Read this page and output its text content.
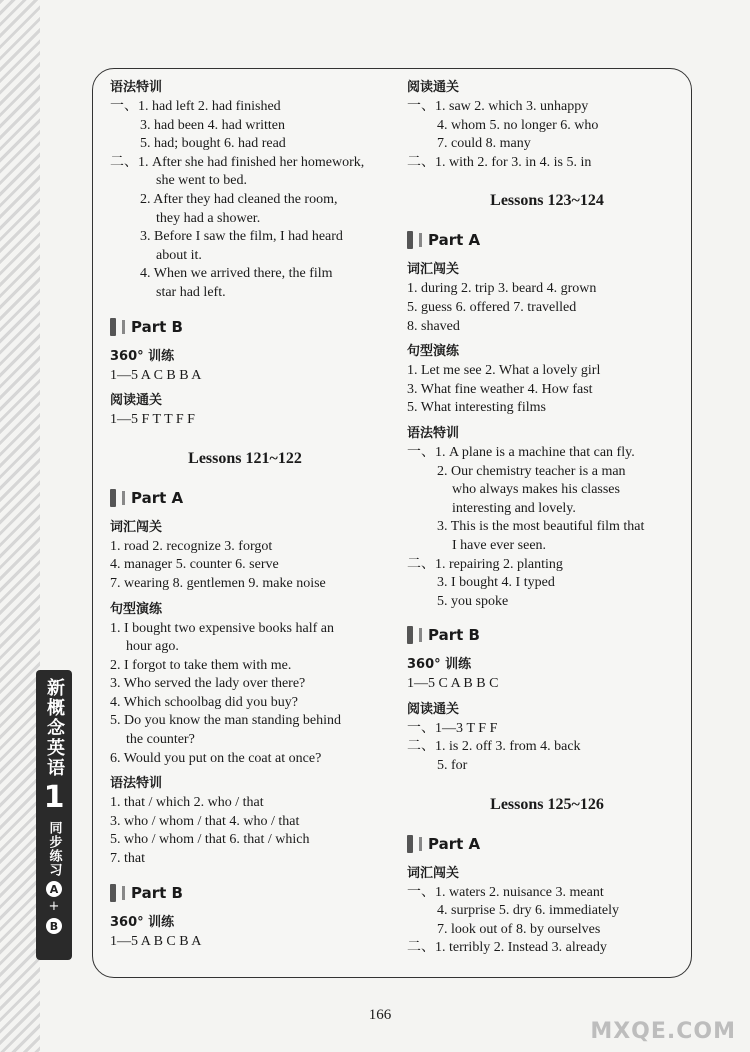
新概念英语
1
同步练习
A
+
B
语法特训
一、1. had left 2. had finished
3. had been 4. had written
5. had; bought 6. had read
二、1. After she had finished her homework,
she went to bed.
2. After they had cleaned the room,
they had a shower.
3. Before I saw the film, I had heard
about it.
4. When we arrived there, the film
star had left.
Part B
360° 训练
1—5 A C B B A
阅读通关
1—5 F T T F F
Lessons 121~122
Part A
词汇闯关
1. road 2. recognize 3. forgot
4. manager 5. counter 6. serve
7. wearing 8. gentlemen 9. make noise
句型演练
1. I bought two expensive books half an
hour ago.
2. I forgot to take them with me.
3. Who served the lady over there?
4. Which schoolbag did you buy?
5. Do you know the man standing behind
the counter?
6. Would you put on the coat at once?
语法特训
1. that / which 2. who / that
3. who / whom / that 4. who / that
5. who / whom / that 6. that / which
7. that
Part B
360° 训练
1—5 A B C B A
阅读通关
一、1. saw 2. which 3. unhappy
4. whom 5. no longer 6. who
7. could 8. many
二、1. with 2. for 3. in 4. is 5. in
Lessons 123~124
Part A
词汇闯关
1. during 2. trip 3. beard 4. grown
5. guess 6. offered 7. travelled
8. shaved
句型演练
1. Let me see 2. What a lovely girl
3. What fine weather 4. How fast
5. What interesting films
语法特训
一、1. A plane is a machine that can fly.
2. Our chemistry teacher is a man
who always makes his classes
interesting and lovely.
3. This is the most beautiful film that
I have ever seen.
二、1. repairing 2. planting
3. I bought 4. I typed
5. you spoke
Part B
360° 训练
1—5 C A B B C
阅读通关
一、1—3 T F F
二、1. is 2. off 3. from 4. back
5. for
Lessons 125~126
Part A
词汇闯关
一、1. waters 2. nuisance 3. meant
4. surprise 5. dry 6. immediately
7. look out of 8. by ourselves
二、1. terribly 2. Instead 3. already
166
MXQE.COM
